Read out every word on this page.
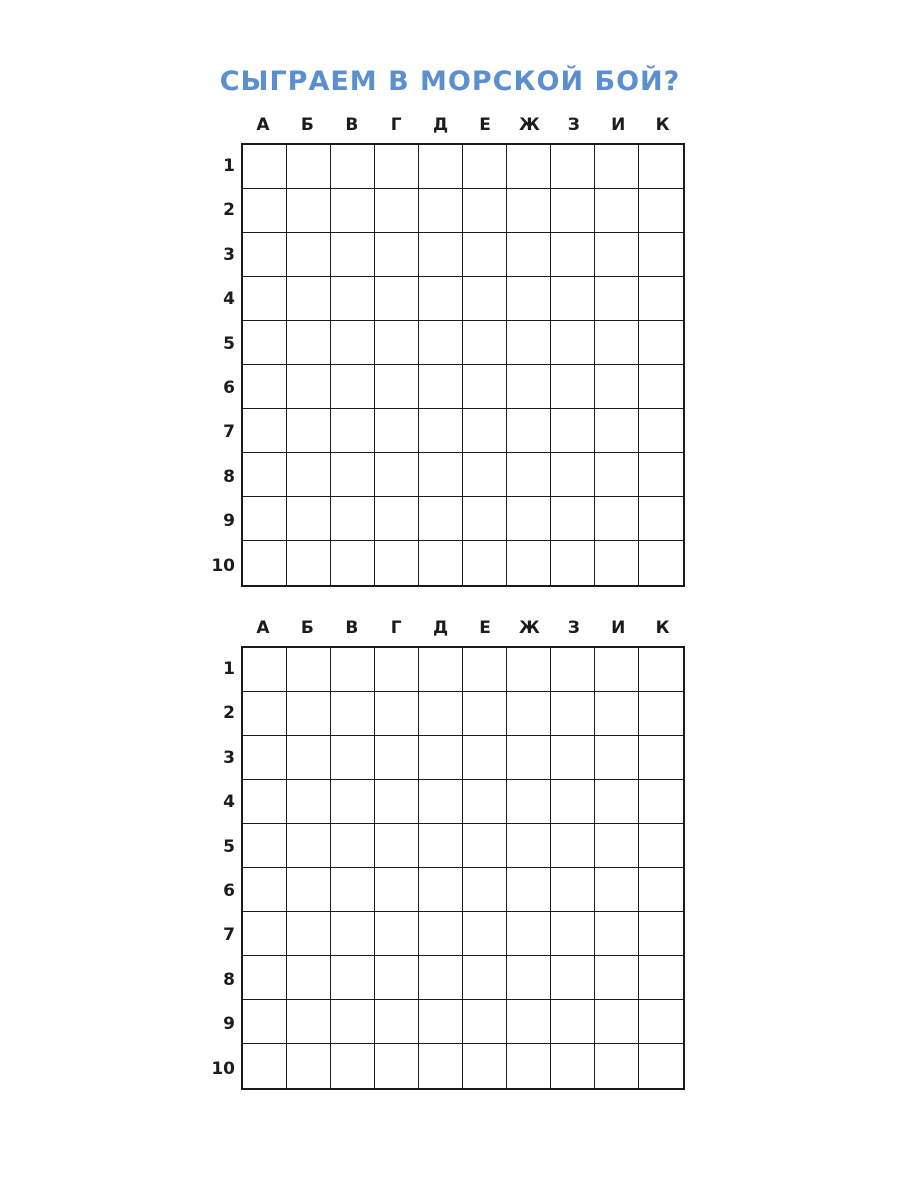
СЫГРАЕМ В МОРСКОЙ БОЙ?
А	Б	В	Г	Д	Е	Ж	З	И	К
1
2
3
4
5
6
7
8
9
10
А	Б	В	Г	Д	Е	Ж	З	И	К
1
2
3
4
5
6
7
8
9
10
